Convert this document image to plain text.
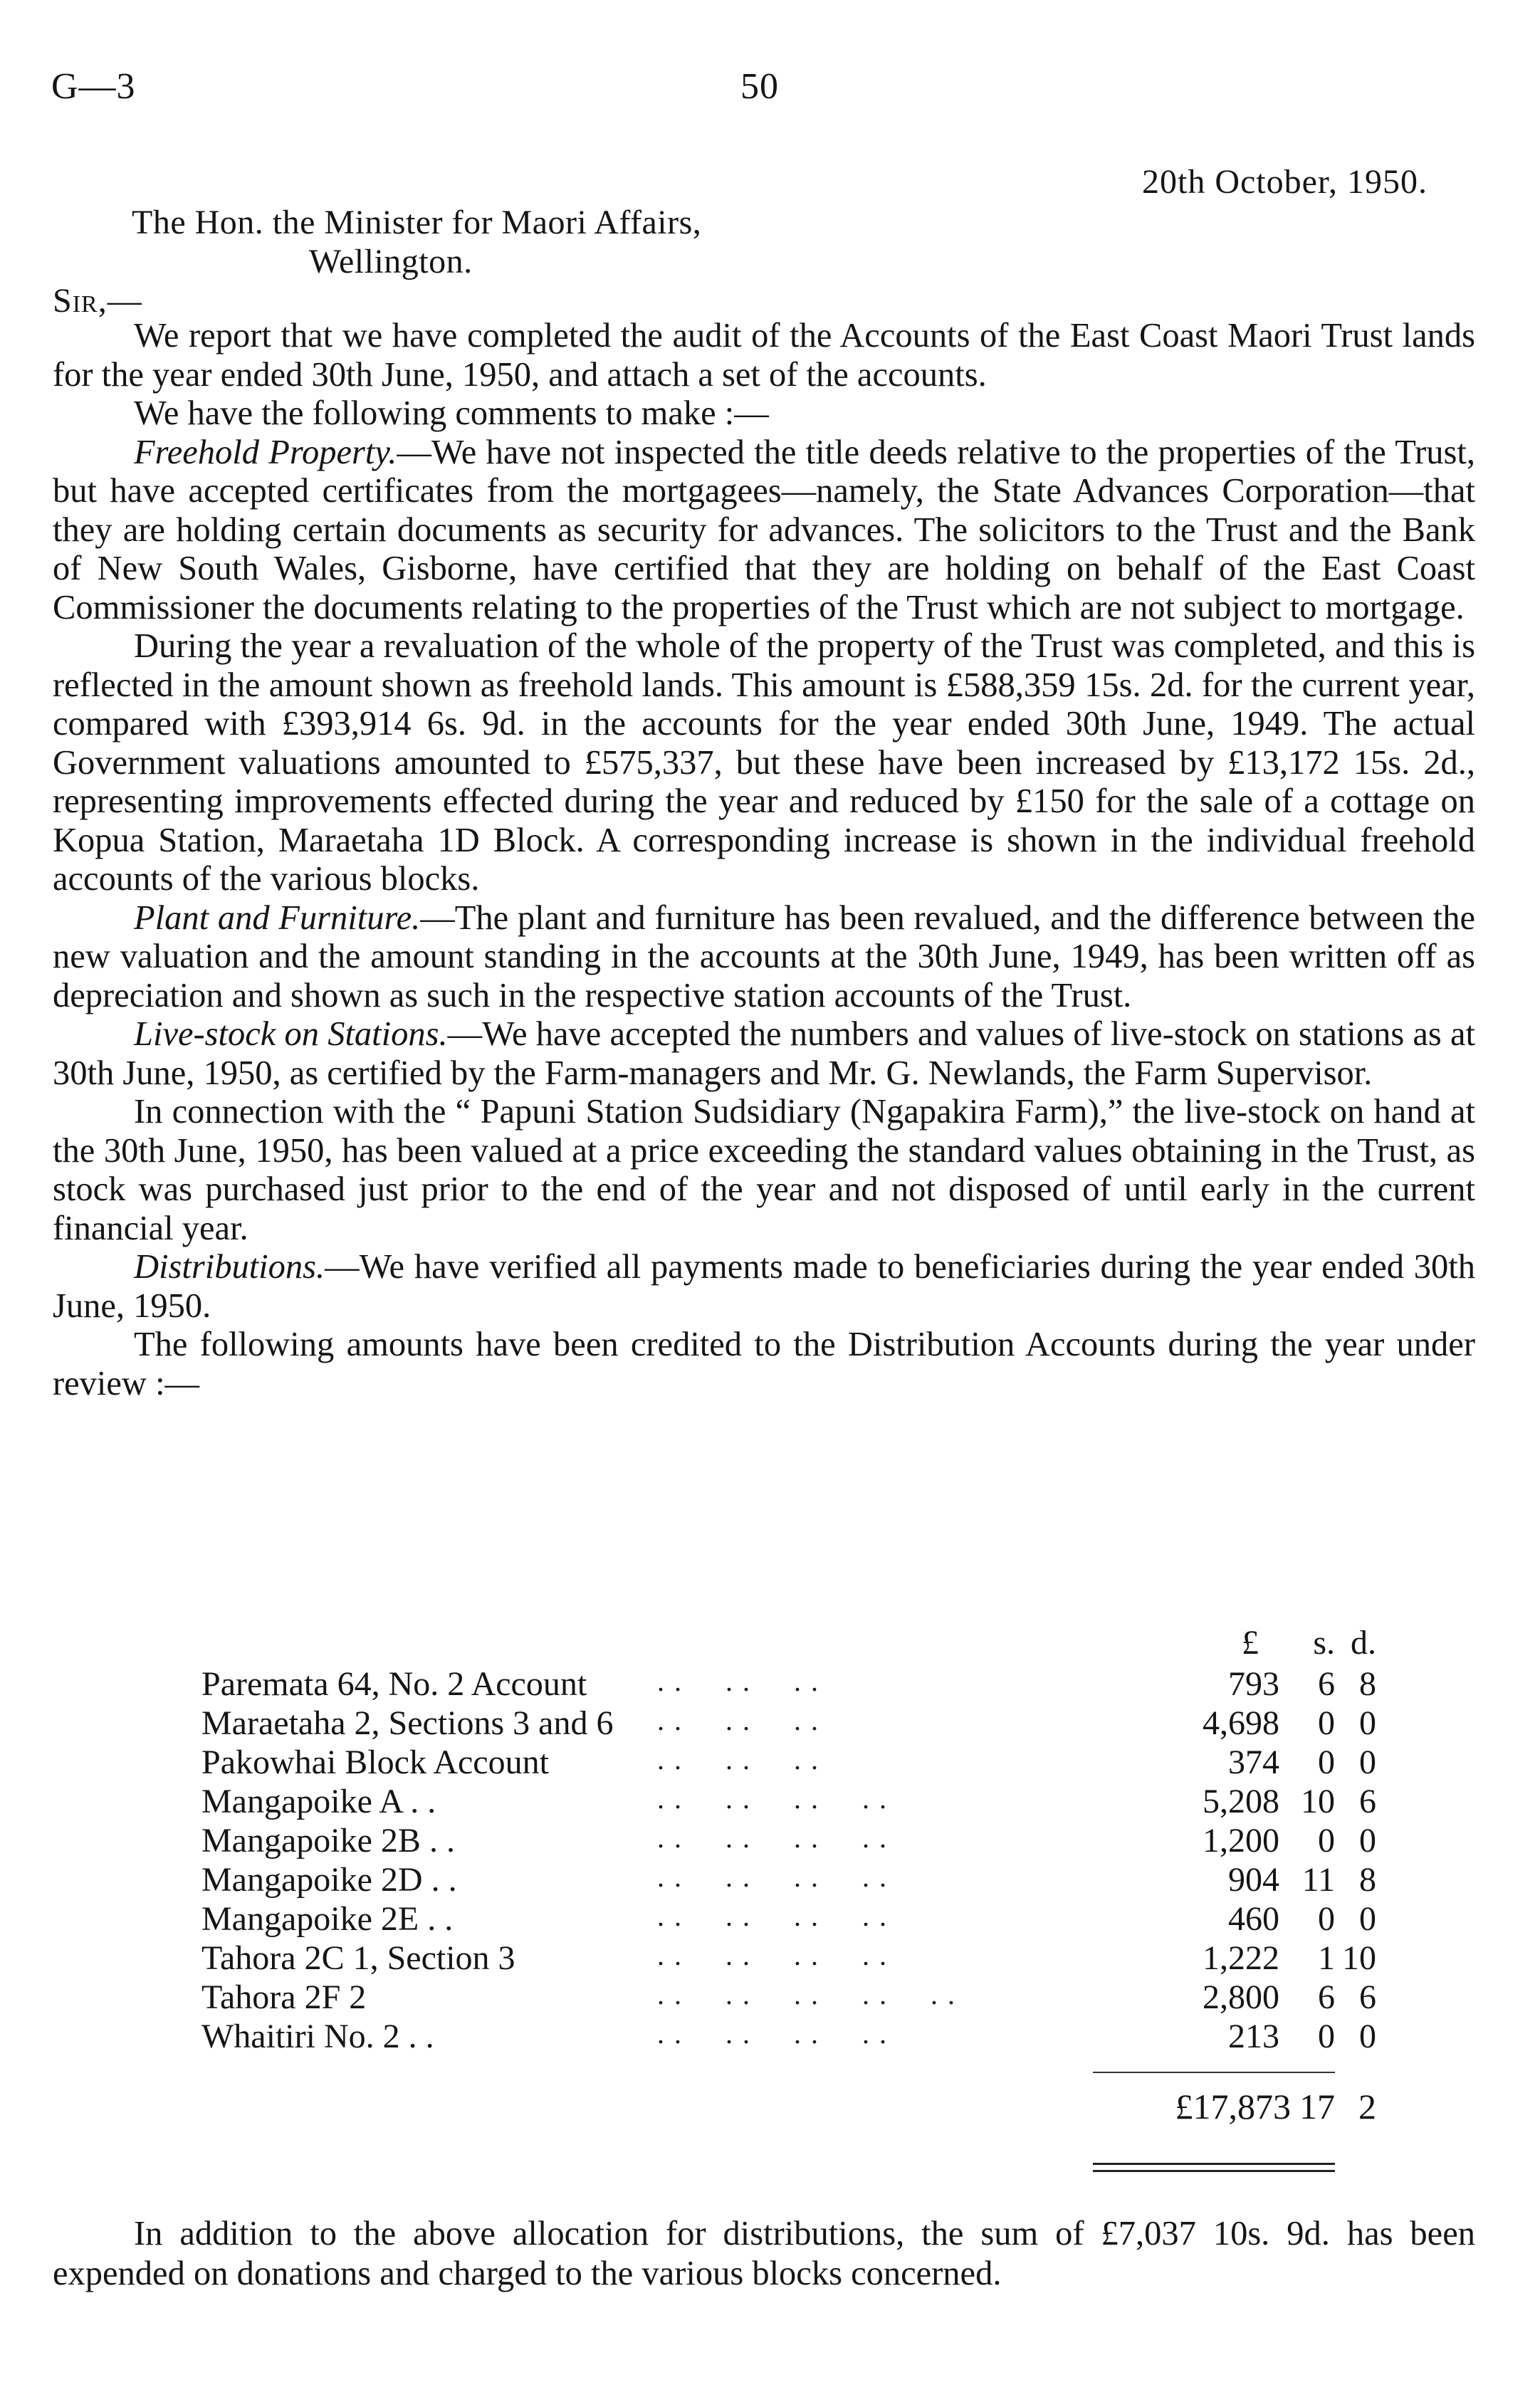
G—3	50
20th October, 1950.
The Hon. the Minister for Maori Affairs,
Wellington.
Sir,—

We report that we have completed the audit of the Accounts of the East Coast Maori Trust lands for the year ended 30th June, 1950, and attach a set of the accounts.

We have the following comments to make :—

Freehold Property.—We have not inspected the title deeds relative to the properties of the Trust, but have accepted certificates from the mortgagees—namely, the State Advances Corporation—that they are holding certain documents as security for advances. The solicitors to the Trust and the Bank of New South Wales, Gisborne, have certified that they are holding on behalf of the East Coast Commissioner the documents relating to the properties of the Trust which are not subject to mortgage.

During the year a revaluation of the whole of the property of the Trust was completed, and this is reflected in the amount shown as freehold lands. This amount is £588,359 15s. 2d. for the current year, compared with £393,914 6s. 9d. in the accounts for the year ended 30th June, 1949. The actual Government valuations amounted to £575,337, but these have been increased by £13,172 15s. 2d., representing improvements effected during the year and reduced by £150 for the sale of a cottage on Kopua Station, Maraetaha 1D Block. A corresponding increase is shown in the individual freehold accounts of the various blocks.

Plant and Furniture.—The plant and furniture has been revalued, and the difference between the new valuation and the amount standing in the accounts at the 30th June, 1949, has been written off as depreciation and shown as such in the respective station accounts of the Trust.

Live-stock on Stations.—We have accepted the numbers and values of live-stock on stations as at 30th June, 1950, as certified by the Farm-managers and Mr. G. Newlands, the Farm Supervisor.

In connection with the “ Papuni Station Sudsidiary (Ngapakira Farm),” the live-stock on hand at the 30th June, 1950, has been valued at a price exceeding the standard values obtaining in the Trust, as stock was purchased just prior to the end of the year and not disposed of until early in the current financial year.

Distributions.—We have verified all payments made to beneficiaries during the year ended 30th June, 1950.

The following amounts have been credited to the Distribution Accounts during the year under review :—

£ s. d.
Paremata 64, No. 2 Account . .     . .     . .	793 6 8
Maraetaha 2, Sections 3 and 6 . .     . .     . .	4,698 0 0
Pakowhai Block Account	. .     . .     . .	374 0 0
Mangapoike A . .	. .     . .     . .     . .	5,208 10 6
Mangapoike 2B . .	. .     . .     . .     . .	1,200 0 0
Mangapoike 2D . .	. .     . .     . .     . .	904 11 8
Mangapoike 2E . .	. .     . .     . .     . .	460 0 0
Tahora 2C 1, Section 3	. .     . .     . .     . .	1,222 1 10
Tahora 2F 2	. .     . .     . .     . .     . .	2,800 6 6
Whaitiri No. 2 . .	. .     . .     . .     . .	213 0 0
£17,873 17 2

In addition to the above allocation for distributions, the sum of £7,037 10s. 9d. has been expended on donations and charged to the various blocks concerned.
